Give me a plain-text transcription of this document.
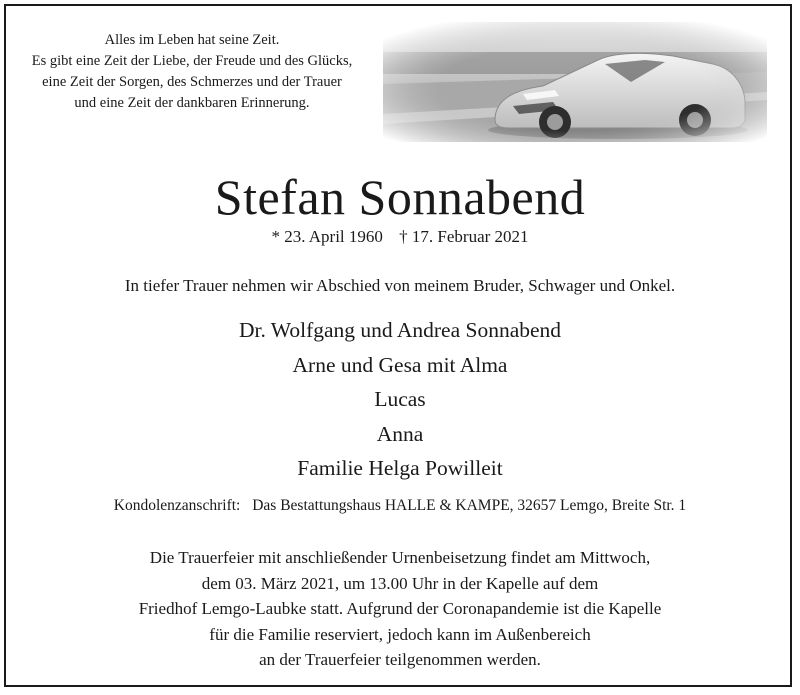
Alles im Leben hat seine Zeit.
Es gibt eine Zeit der Liebe, der Freude und des Glücks,
eine Zeit der Sorgen, des Schmerzes und der Trauer
und eine Zeit der dankbaren Erinnerung.
Stefan Sonnabend
* 23. April 1960 † 17. Februar 2021
In tiefer Trauer nehmen wir Abschied von meinem Bruder, Schwager und Onkel.
Dr. Wolfgang und Andrea Sonnabend
Arne und Gesa mit Alma
Lucas
Anna
Familie Helga Powilleit
Kondolenzanschrift: Das Bestattungshaus HALLE & KAMPE, 32657 Lemgo, Breite Str. 1
Die Trauerfeier mit anschließender Urnenbeisetzung findet am Mittwoch,
dem 03. März 2021, um 13.00 Uhr in der Kapelle auf dem
Friedhof Lemgo-Laubke statt. Aufgrund der Coronapandemie ist die Kapelle
für die Familie reserviert, jedoch kann im Außenbereich
an der Trauerfeier teilgenommen werden.
